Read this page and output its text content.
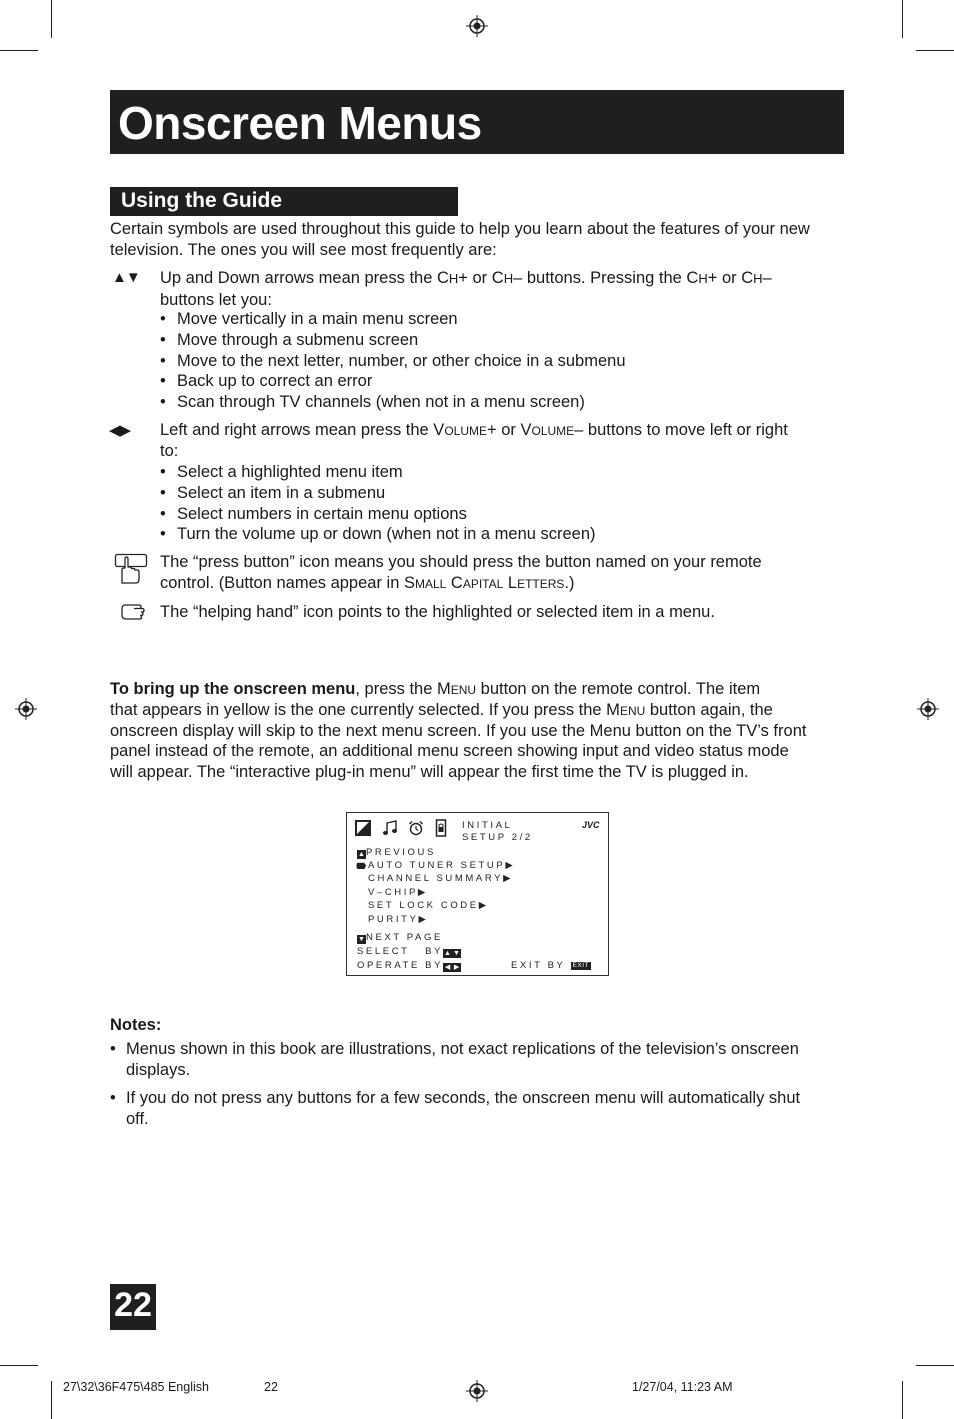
Onscreen Menus
Using the Guide
Certain symbols are used throughout this guide to help you learn about the features of your new television. The ones you will see most frequently are:
▲▼ Up and Down arrows mean press the CH+ or CH– buttons. Pressing the CH+ or CH–
buttons let you:
• Move vertically in a main menu screen
• Move through a submenu screen
• Move to the next letter, number, or other choice in a submenu
• Back up to correct an error
• Scan through TV channels (when not in a menu screen)
◀▶ Left and right arrows mean press the Volume+ or Volume– buttons to move left or right
to:
• Select a highlighted menu item
• Select an item in a submenu
• Select numbers in certain menu options
• Turn the volume up or down (when not in a menu screen)
The “press button” icon means you should press the button named on your remote
control. (Button names appear in Small Capital Letters.)
The “helping hand” icon points to the highlighted or selected item in a menu.
To bring up the onscreen menu, press the Menu button on the remote control. The item
that appears in yellow is the one currently selected. If you press the Menu button again, the
onscreen display will skip to the next menu screen. If you use the Menu button on the TV’s front
panel instead of the remote, an additional menu screen showing input and video status mode
will appear. The “interactive plug-in menu” will appear the first time the TV is plugged in.
INITIAL
SETUP 2/2
JVC
▲PREVIOUS
AUTO TUNER SETUP▶
CHANNEL SUMMARY▶
V–CHIP▶
SET LOCK CODE▶
PURITY▶
▼NEXT PAGE
SELECT   BY▲ ▼
OPERATE BY ◀ ▶	EXIT BY EXIT
Notes:
• Menus shown in this book are illustrations, not exact replications of the television’s onscreen
displays.
• If you do not press any buttons for a few seconds, the onscreen menu will automatically shut
off.
22
27\32\36F475\485 English	22	1/27/04, 11:23 AM
